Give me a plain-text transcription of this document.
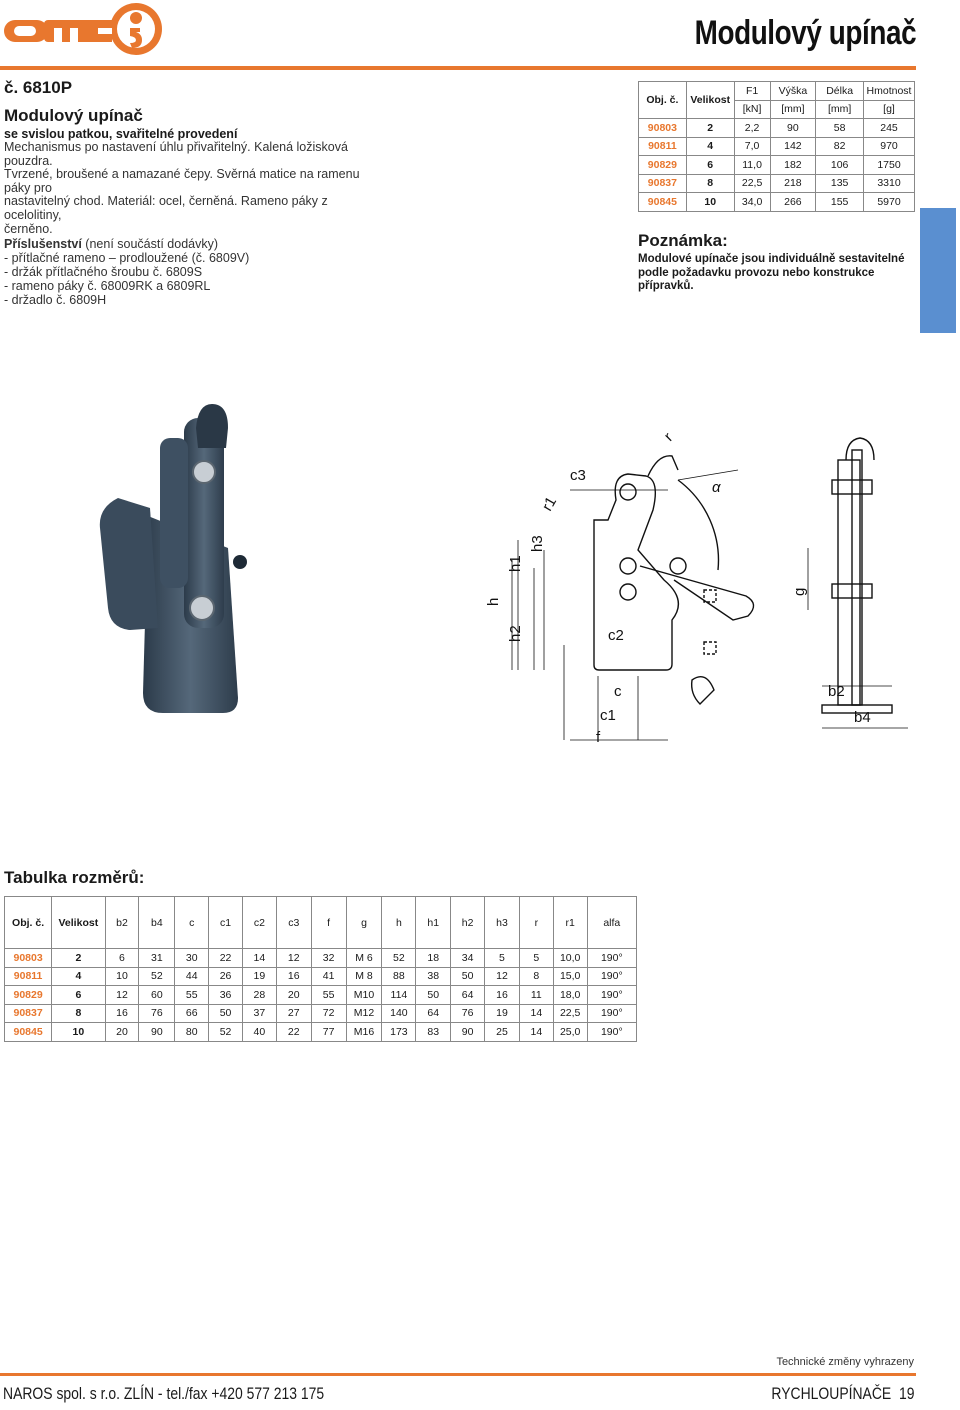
Modulový upínač
č. 6810P
Modulový upínač
se svislou patkou, svařitelné provedení
Mechanismus po nastavení úhlu přivařitelný. Kalená ložisková pouzdra.
Tvrzené, broušené a namazané čepy. Svěrná matice na ramenu páky pro
nastavitelný chod. Materiál: ocel, černěná. Rameno páky z ocelolitiny,
černěno.
Příslušenství (není součástí dodávky)
- přítlačné rameno – prodloužené (č. 6809V)
- držák přítlačného šroubu č. 6809S
- rameno páky č. 68009RK a 6809RL
- držadlo č. 6809H
Obj. č.	Velikost	F1	Výška	Délka	Hmotnost
		[kN]	[mm]	[mm]	[g]
90803	2	2,2	90	58	245
90811	4	7,0	142	82	970
90829	6	11,0	182	106	1750
90837	8	22,5	218	135	3310
90845	10	34,0	266	155	5970
Poznámka:
Modulové upínače jsou individuálně sestavitelné podle požadavku provozu nebo konstrukce přípravků.
r
c3
r1
α
h3
h1
h
h2	c2
c
c1
f
g
b2
b4
Tabulka rozměrů:
Obj. č.	Velikost	b2	b4	c	c1	c2	c3	f	g	h	h1	h2	h3	r	r1	alfa
90803	2	6	31	30	22	14	12	32	M 6	52	18	34	5	5	10,0	190°
90811	4	10	52	44	26	19	16	41	M 8	88	38	50	12	8	15,0	190°
90829	6	12	60	55	36	28	20	55	M10	114	50	64	16	11	18,0	190°
90837	8	16	76	66	50	37	27	72	M12	140	64	76	19	14	22,5	190°
90845	10	20	90	80	52	40	22	77	M16	173	83	90	25	14	25,0	190°
Technické změny vyhrazeny
NAROS spol. s r.o. ZLÍN - tel./fax +420 577 213 175	RYCHLOUPÍNAČE 19
